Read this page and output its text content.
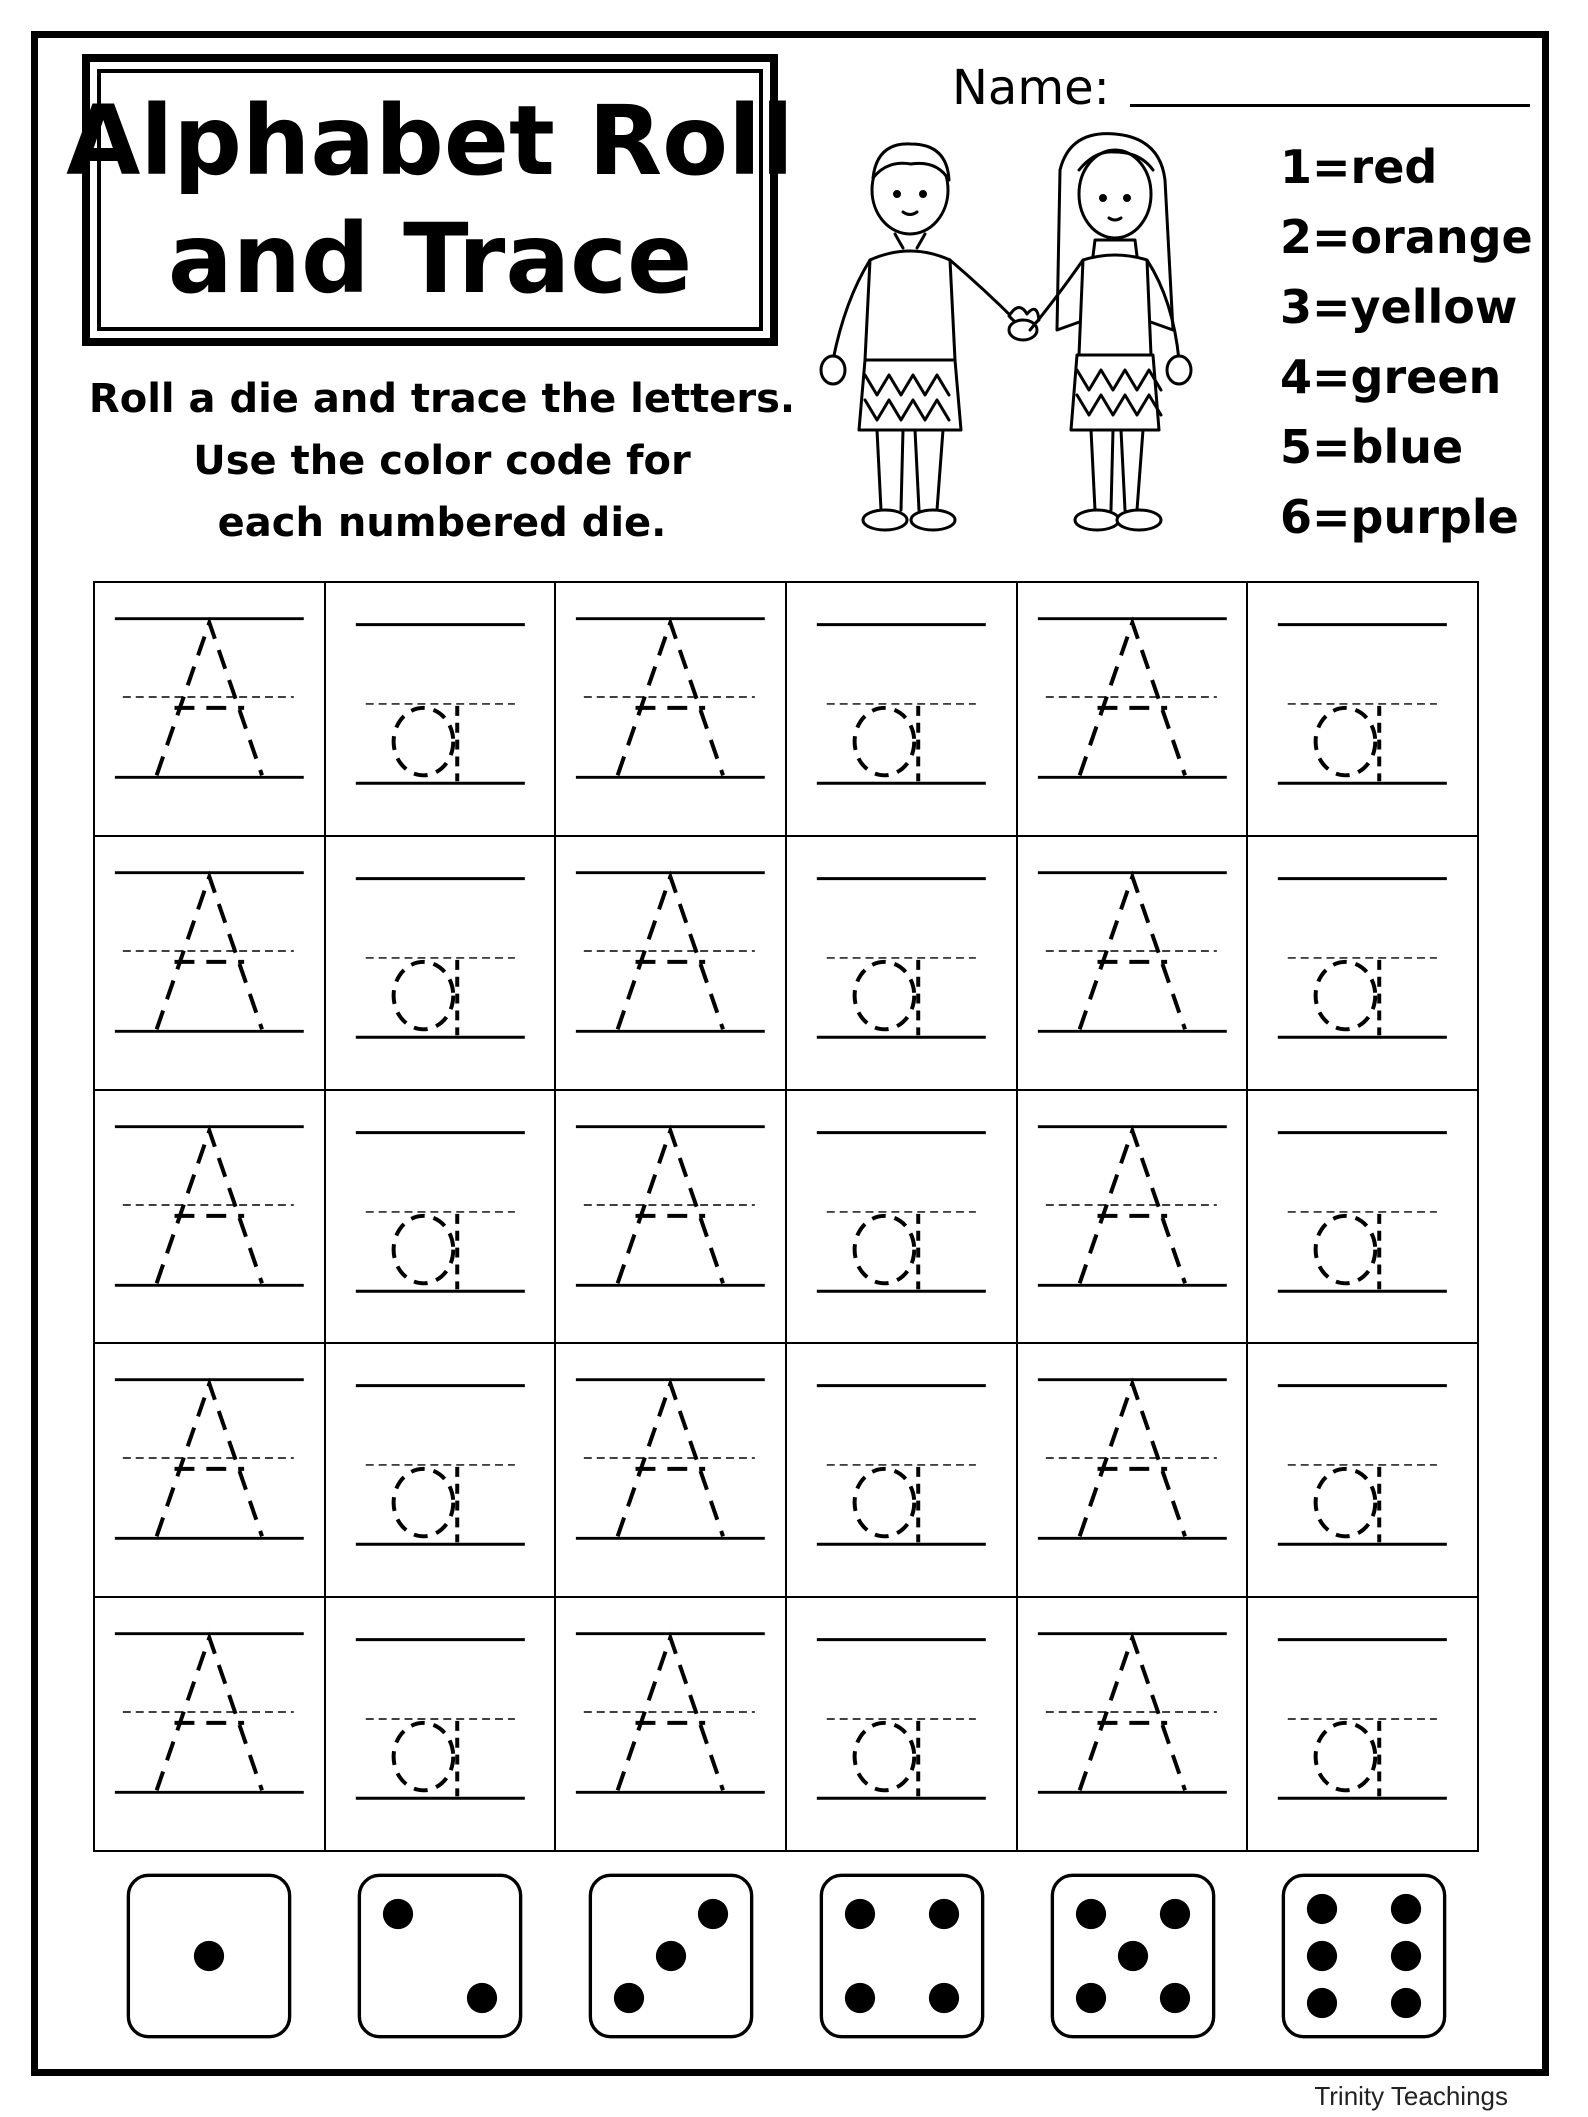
Alphabet Roll
and Trace
Name:
Roll a die and trace the letters.
Use the color code for
each numbered die.
1=red
2=orange
3=yellow
4=green
5=blue
6=purple
Trinity Teachings
